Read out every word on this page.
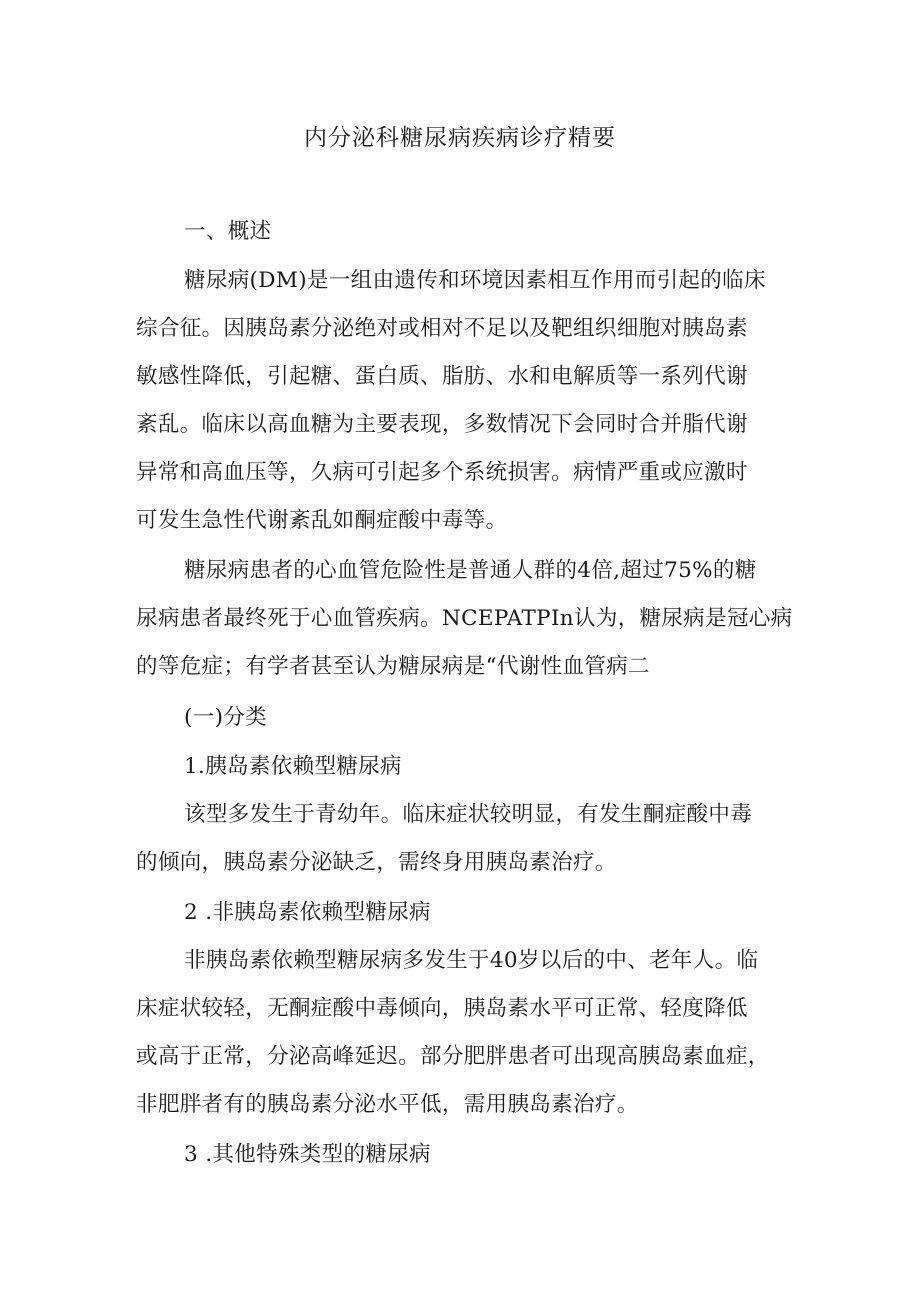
内分泌科糖尿病疾病诊疗精要
一、概述
糖尿病(DM)是一组由遗传和环境因素相互作用而引起的临床
综合征。因胰岛素分泌绝对或相对不足以及靶组织细胞对胰岛素
敏感性降低，引起糖、蛋白质、脂肪、水和电解质等一系列代谢
紊乱。临床以高血糖为主要表现，多数情况下会同时合并脂代谢
异常和高血压等，久病可引起多个系统损害。病情严重或应激时
可发生急性代谢紊乱如酮症酸中毒等。
糖尿病患者的心血管危险性是普通人群的4倍,超过75%的糖
尿病患者最终死于心血管疾病。NCEPATPIn认为，糖尿病是冠心病
的等危症；有学者甚至认为糖尿病是“代谢性血管病二
(一)分类
1.胰岛素依赖型糖尿病
该型多发生于青幼年。临床症状较明显，有发生酮症酸中毒
的倾向，胰岛素分泌缺乏，需终身用胰岛素治疗。
2 .非胰岛素依赖型糖尿病
非胰岛素依赖型糖尿病多发生于40岁以后的中、老年人。临
床症状较轻，无酮症酸中毒倾向，胰岛素水平可正常、轻度降低
或高于正常，分泌高峰延迟。部分肥胖患者可出现高胰岛素血症，
非肥胖者有的胰岛素分泌水平低，需用胰岛素治疗。
3 .其他特殊类型的糖尿病
